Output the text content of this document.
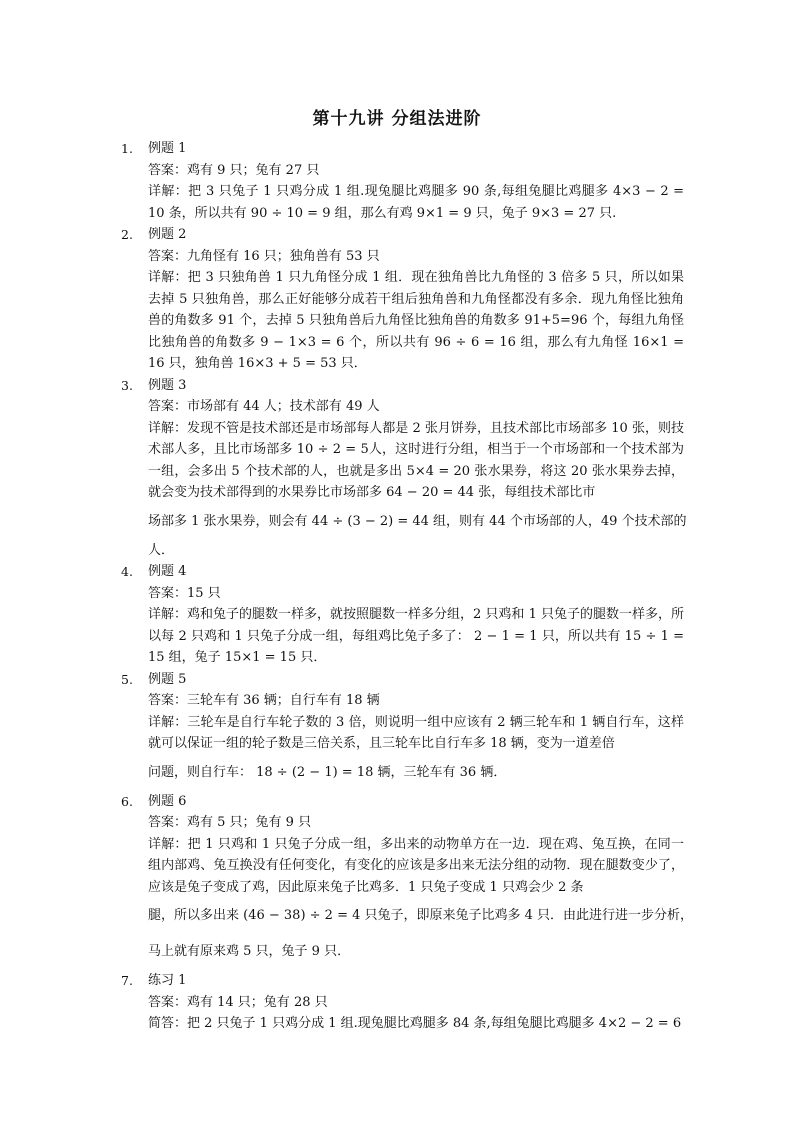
第十九讲 分组法进阶
1.	例题 1
答案：鸡有 9 只；兔有 27 只
详解：把 3 只兔子 1 只鸡分成 1 组.现兔腿比鸡腿多 90 条,每组兔腿比鸡腿多 4×3 − 2 = 10 条，所以共有 90 ÷ 10 = 9 组，那么有鸡 9×1 = 9 只，兔子 9×3 = 27 只.
2.	例题 2
答案：九角怪有 16 只；独角兽有 53 只
详解：把 3 只独角兽 1 只九角怪分成 1 组．现在独角兽比九角怪的 3 倍多 5 只，所以如果去掉 5 只独角兽，那么正好能够分成若干组后独角兽和九角怪都没有多余．现九角怪比独角兽的角数多 91 个，去掉 5 只独角兽后九角怪比独角兽的角数多 91+5=96 个，每组九角怪比独角兽的角数多 9 − 1×3 = 6 个，所以共有 96 ÷ 6 = 16 组，那么有九角怪 16×1 = 16 只，独角兽 16×3 + 5 = 53 只．
3.	例题 3
答案：市场部有 44 人；技术部有 49 人
详解：发现不管是技术部还是市场部每人都是 2 张月饼券，且技术部比市场部多 10 张，则技术部人多，且比市场部多 10 ÷ 2 = 5人，这时进行分组，相当于一个市场部和一个技术部为一组，会多出 5 个技术部的人，也就是多出 5×4 = 20 张水果券，将这 20 张水果券去掉，就会变为技术部得到的水果券比市场部多 64 − 20 = 44 张，每组技术部比市
场部多 1 张水果券，则会有 44 ÷ (3 − 2) = 44 组，则有 44 个市场部的人，49 个技术部的
人．
4.	例题 4
答案：15 只
详解：鸡和兔子的腿数一样多，就按照腿数一样多分组，2 只鸡和 1 只兔子的腿数一样多，所以每 2 只鸡和 1 只兔子分成一组，每组鸡比兔子多了： 2 − 1 = 1 只，所以共有 15 ÷ 1 = 15 组，兔子 15×1 = 15 只．
5.	例题 5
答案：三轮车有 36 辆；自行车有 18 辆
详解：三轮车是自行车轮子数的 3 倍，则说明一组中应该有 2 辆三轮车和 1 辆自行车，这样就可以保证一组的轮子数是三倍关系，且三轮车比自行车多 18 辆，变为一道差倍
问题，则自行车： 18 ÷ (2 − 1) = 18 辆，三轮车有 36 辆．
6.	例题 6
答案：鸡有 5 只；兔有 9 只
详解：把 1 只鸡和 1 只兔子分成一组，多出来的动物单方在一边．现在鸡、兔互换，在同一组内部鸡、兔互换没有任何变化，有变化的应该是多出来无法分组的动物．现在腿数变少了，应该是兔子变成了鸡，因此原来兔子比鸡多．1 只兔子变成 1 只鸡会少 2 条
腿，所以多出来 (46 − 38) ÷ 2 = 4 只兔子，即原来兔子比鸡多 4 只．由此进行进一步分析，
马上就有原来鸡 5 只，兔子 9 只．
7.	练习 1
答案：鸡有 14 只；兔有 28 只
简答：把 2 只兔子 1 只鸡分成 1 组.现兔腿比鸡腿多 84 条,每组兔腿比鸡腿多 4×2 − 2 = 6
